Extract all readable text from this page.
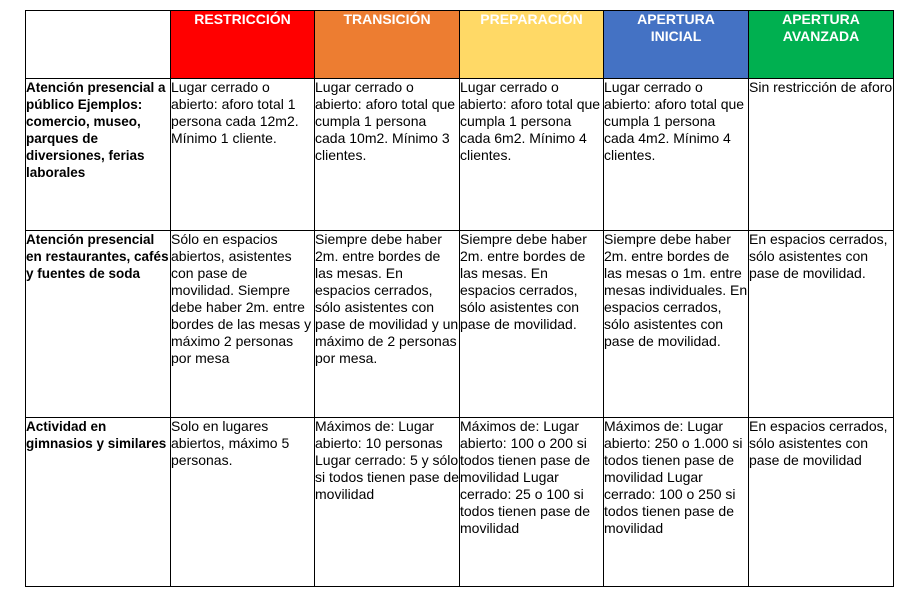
	RESTRICCIÓN	TRANSICIÓN	PREPARACIÓN	APERTURA INICIAL	APERTURA AVANZADA
Atención presencial a público Ejemplos: comercio, museo, parques de diversiones, ferias laborales	Lugar cerrado o abierto: aforo total 1 persona cada 12m2. Mínimo 1 cliente.	Lugar cerrado o abierto: aforo total que cumpla 1 persona cada 10m2. Mínimo 3 clientes.	Lugar cerrado o abierto: aforo total que cumpla 1 persona cada 6m2. Mínimo 4 clientes.	Lugar cerrado o abierto: aforo total que cumpla 1 persona cada 4m2. Mínimo 4 clientes.	Sin restricción de aforo
Atención presencial en restaurantes, cafés y fuentes de soda	Sólo en espacios abiertos, asistentes con pase de movilidad. Siempre debe haber 2m. entre bordes de las mesas y máximo 2 personas por mesa	Siempre debe haber 2m. entre bordes de las mesas. En espacios cerrados, sólo asistentes con pase de movilidad y un máximo de 2 personas por mesa.	Siempre debe haber 2m. entre bordes de las mesas. En espacios cerrados, sólo asistentes con pase de movilidad.	Siempre debe haber 2m. entre bordes de las mesas o 1m. entre mesas individuales. En espacios cerrados, sólo asistentes con pase de movilidad.	En espacios cerrados, sólo asistentes con pase de movilidad.
Actividad en gimnasios y similares	Solo en lugares abiertos, máximo 5 personas.	Máximos de: Lugar abierto: 10 personas Lugar cerrado: 5 y sólo si todos tienen pase de movilidad	Máximos de: Lugar abierto: 100 o 200 si todos tienen pase de movilidad Lugar cerrado: 25 o 100 si todos tienen pase de movilidad	Máximos de: Lugar abierto: 250 o 1.000 si todos tienen pase de movilidad Lugar cerrado: 100 o 250 si todos tienen pase de movilidad	En espacios cerrados, sólo asistentes con pase de movilidad
